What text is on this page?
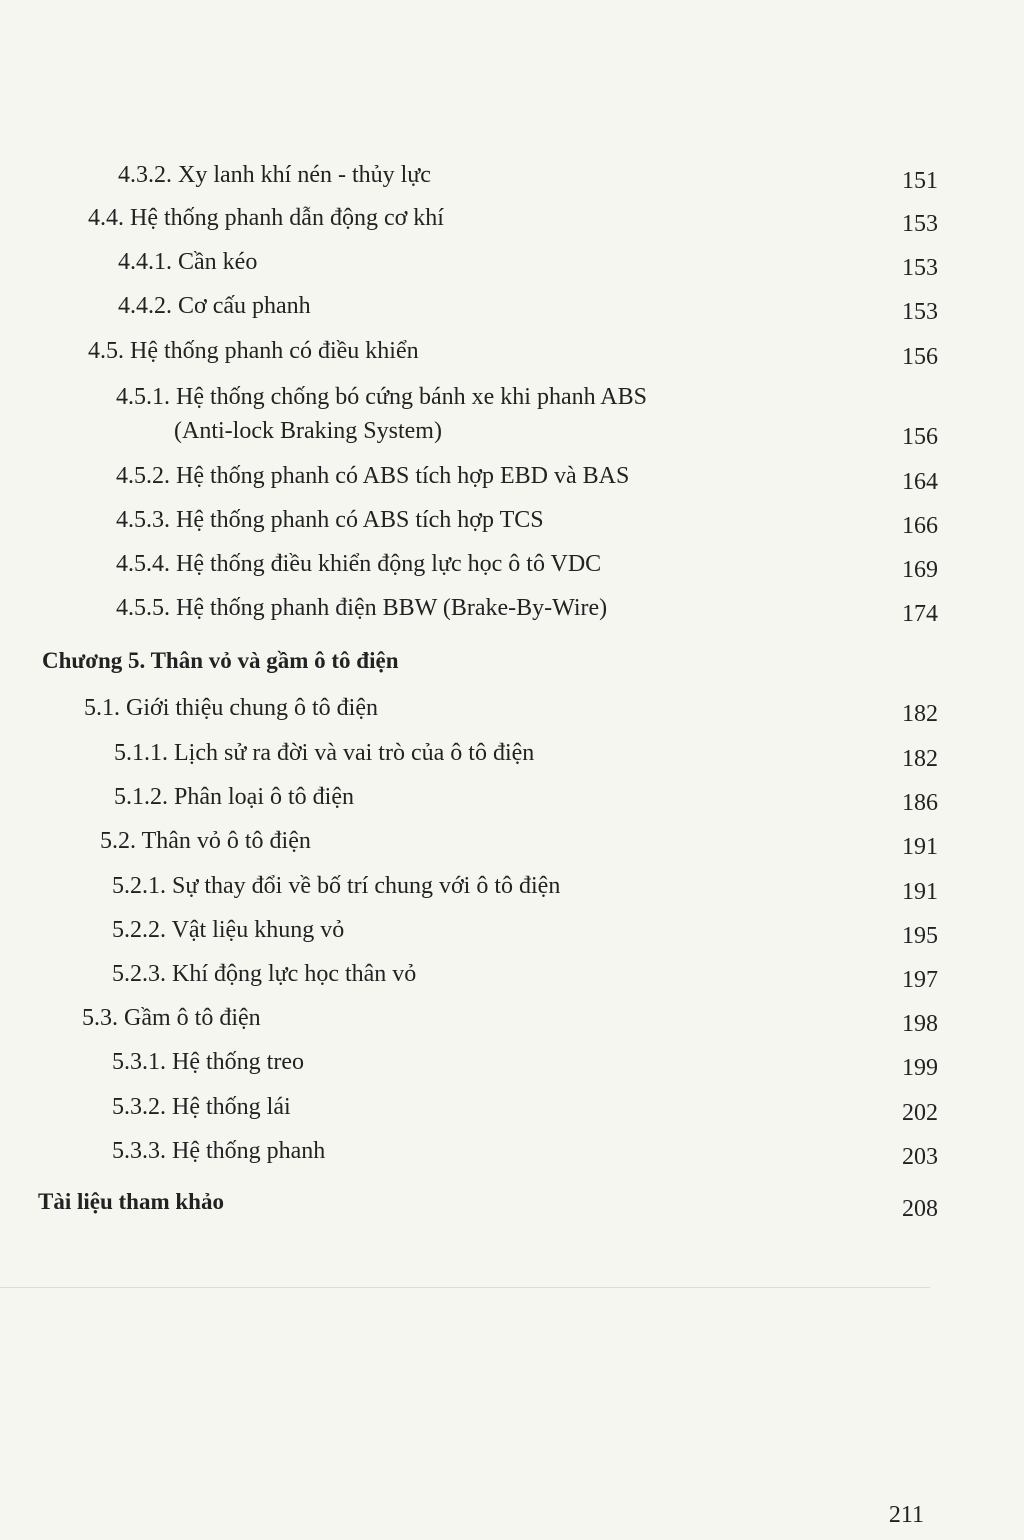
4.3.2. Xy lanh khí nén - thủy lực	151
4.4. Hệ thống phanh dẫn động cơ khí	153
4.4.1. Cần kéo	153
4.4.2. Cơ cấu phanh	153
4.5. Hệ thống phanh có điều khiển	156
4.5.1. Hệ thống chống bó cứng bánh xe khi phanh ABS
(Anti-lock Braking System)	156
4.5.2. Hệ thống phanh có ABS tích hợp EBD và BAS	164
4.5.3. Hệ thống phanh có ABS tích hợp TCS	166
4.5.4. Hệ thống điều khiển động lực học ô tô VDC	169
4.5.5. Hệ thống phanh điện BBW (Brake-By-Wire)	174
Chương 5. Thân vỏ và gầm ô tô điện
5.1. Giới thiệu chung ô tô điện	182
5.1.1. Lịch sử ra đời và vai trò của ô tô điện	182
5.1.2. Phân loại ô tô điện	186
5.2. Thân vỏ ô tô điện	191
5.2.1. Sự thay đổi về bố trí chung với ô tô điện	191
5.2.2. Vật liệu khung vỏ	195
5.2.3. Khí động lực học thân vỏ	197
5.3. Gầm ô tô điện	198
5.3.1. Hệ thống treo	199
5.3.2. Hệ thống lái	202
5.3.3. Hệ thống phanh	203
Tài liệu tham khảo	208
211
